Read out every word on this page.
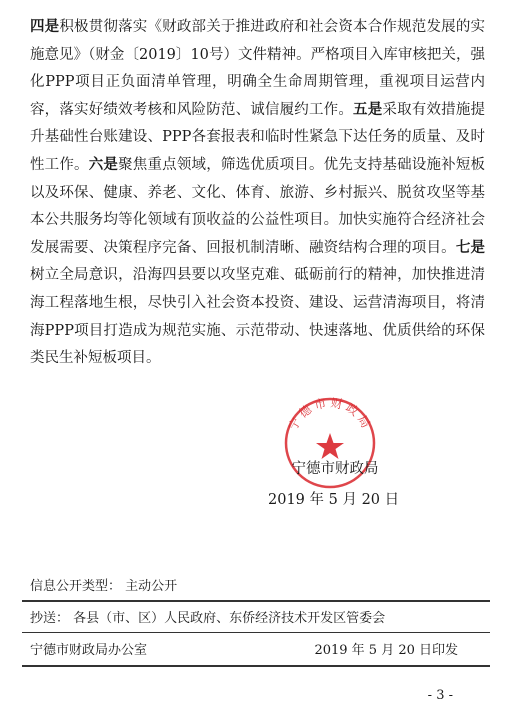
四是积极贯彻落实《财政部关于推进政府和社会资本合作规范发展的实施意见》（财金〔2019〕10号）文件精神。严格项目入库审核把关，强化PPP项目正负面清单管理，明确全生命周期管理，重视项目运营内容，落实好绩效考核和风险防范、诚信履约工作。五是采取有效措施提升基础性台账建设、PPP各套报表和临时性紧急下达任务的质量、及时性工作。六是聚焦重点领域，筛选优质项目。优先支持基础设施补短板以及环保、健康、养老、文化、体育、旅游、乡村振兴、脱贫攻坚等基本公共服务均等化领域有顶收益的公益性项目。加快实施符合经济社会发展需要、决策程序完备、回报机制清晰、融资结构合理的项目。七是树立全局意识，沿海四县要以攻坚克难、砥砺前行的精神，加快推进清海工程落地生根，尽快引入社会资本投资、建设、运营清海项目，将清海PPP项目打造成为规范实施、示范带动、快速落地、优质供给的环保类民生补短板项目。

宁德市财政局
宁德市财政局
2019 年 5 月 20 日
信息公开类型： 主动公开
抄送： 各县（市、区）人民政府、东侨经济技术开发区管委会
宁德市财政局办公室	2019 年 5 月 20 日印发
- 3 -
